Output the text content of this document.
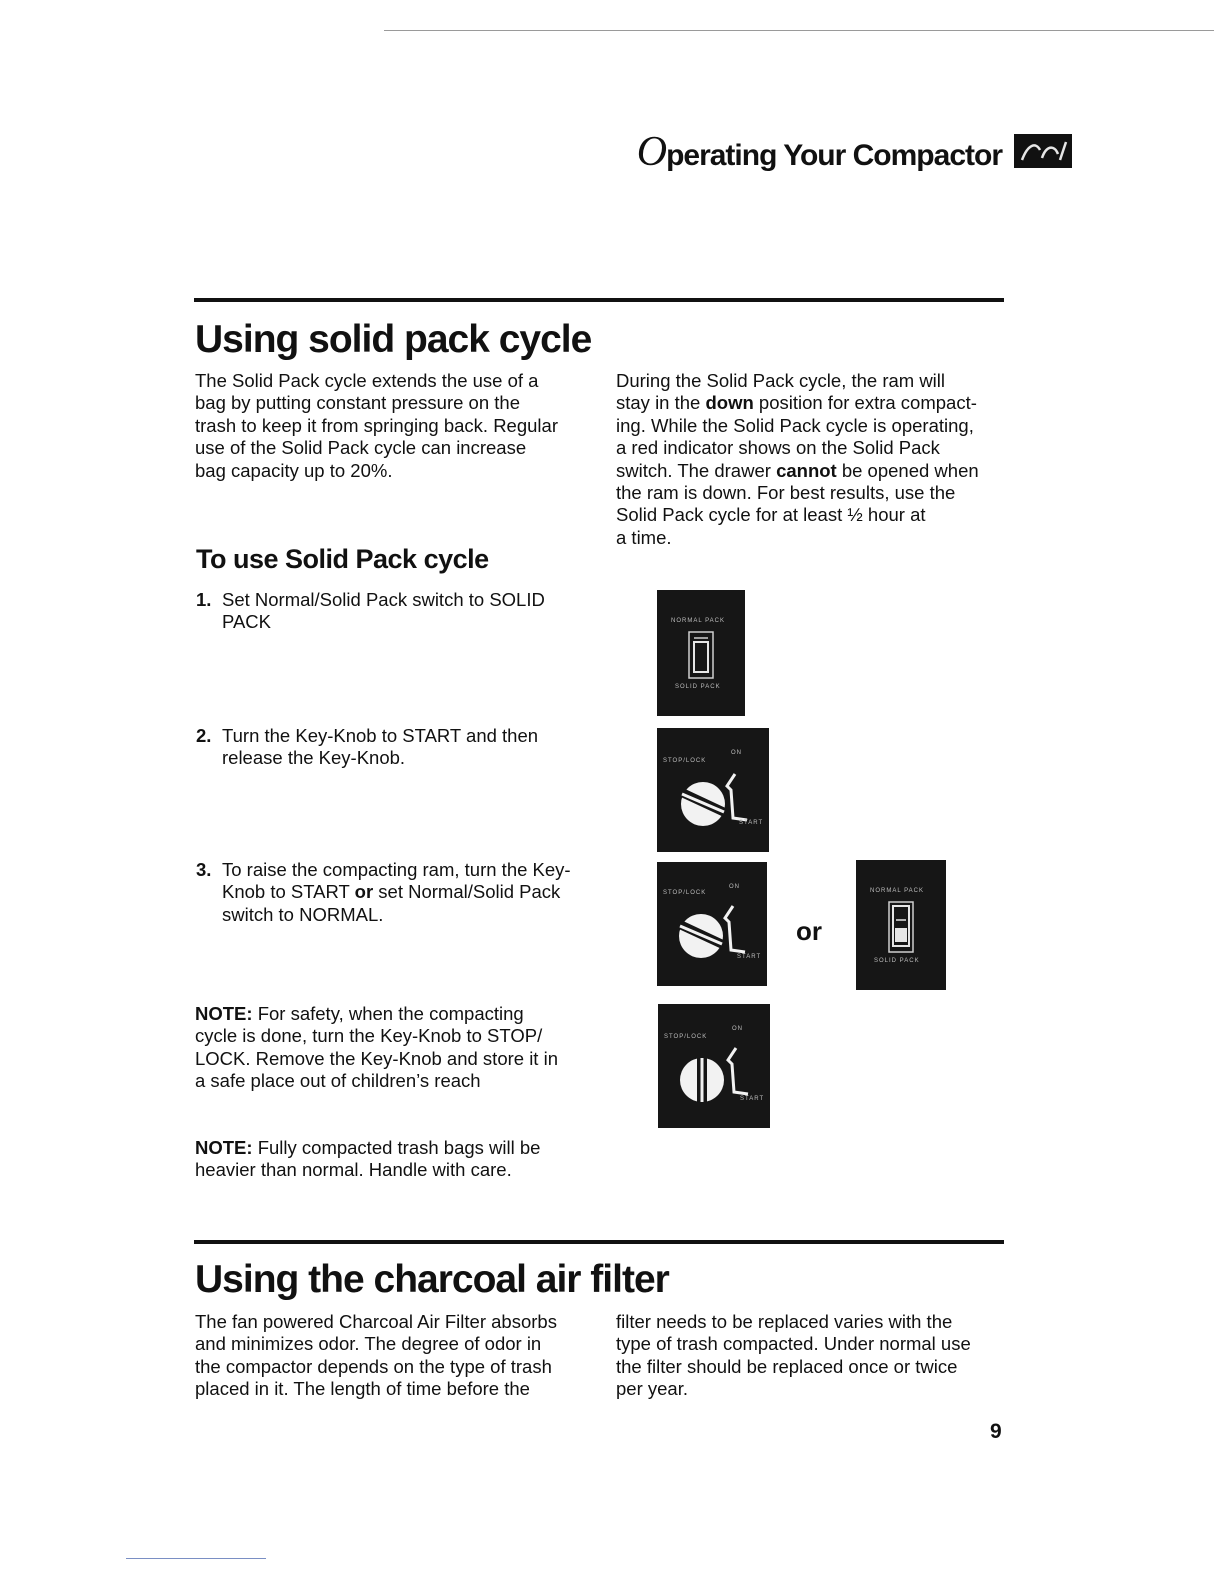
Operating Your Compactor
Using solid pack cycle
The Solid Pack cycle extends the use of a
bag by putting constant pressure on the
trash to keep it from springing back. Regular
use of the Solid Pack cycle can increase
bag capacity up to 20%.
During the Solid Pack cycle, the ram will
stay in the down position for extra compact-
ing. While the Solid Pack cycle is operating,
a red indicator shows on the Solid Pack
switch. The drawer cannot be opened when
the ram is down. For best results, use the
Solid Pack cycle for at least ½ hour at
a time.
To use Solid Pack cycle
1. Set Normal/Solid Pack switch to SOLID
PACK
2. Turn the Key-Knob to START and then
release the Key-Knob.
3. To raise the compacting ram, turn the Key-
Knob to START or set Normal/Solid Pack
switch to NORMAL.
NOTE: For safety, when the compacting
cycle is done, turn the Key-Knob to STOP/
LOCK. Remove the Key-Knob and store it in
a safe place out of children’s reach
NOTE: Fully compacted trash bags will be
heavier than normal. Handle with care.
NORMAL PACK
SOLID PACK
STOP/LOCK
ON
START
STOP/LOCK
ON
START
or
NORMAL PACK
SOLID PACK
STOP/LOCK
ON
START
Using the charcoal air filter
The fan powered Charcoal Air Filter absorbs
and minimizes odor. The degree of odor in
the compactor depends on the type of trash
placed in it. The length of time before the
filter needs to be replaced varies with the
type of trash compacted. Under normal use
the filter should be replaced once or twice
per year.
9
